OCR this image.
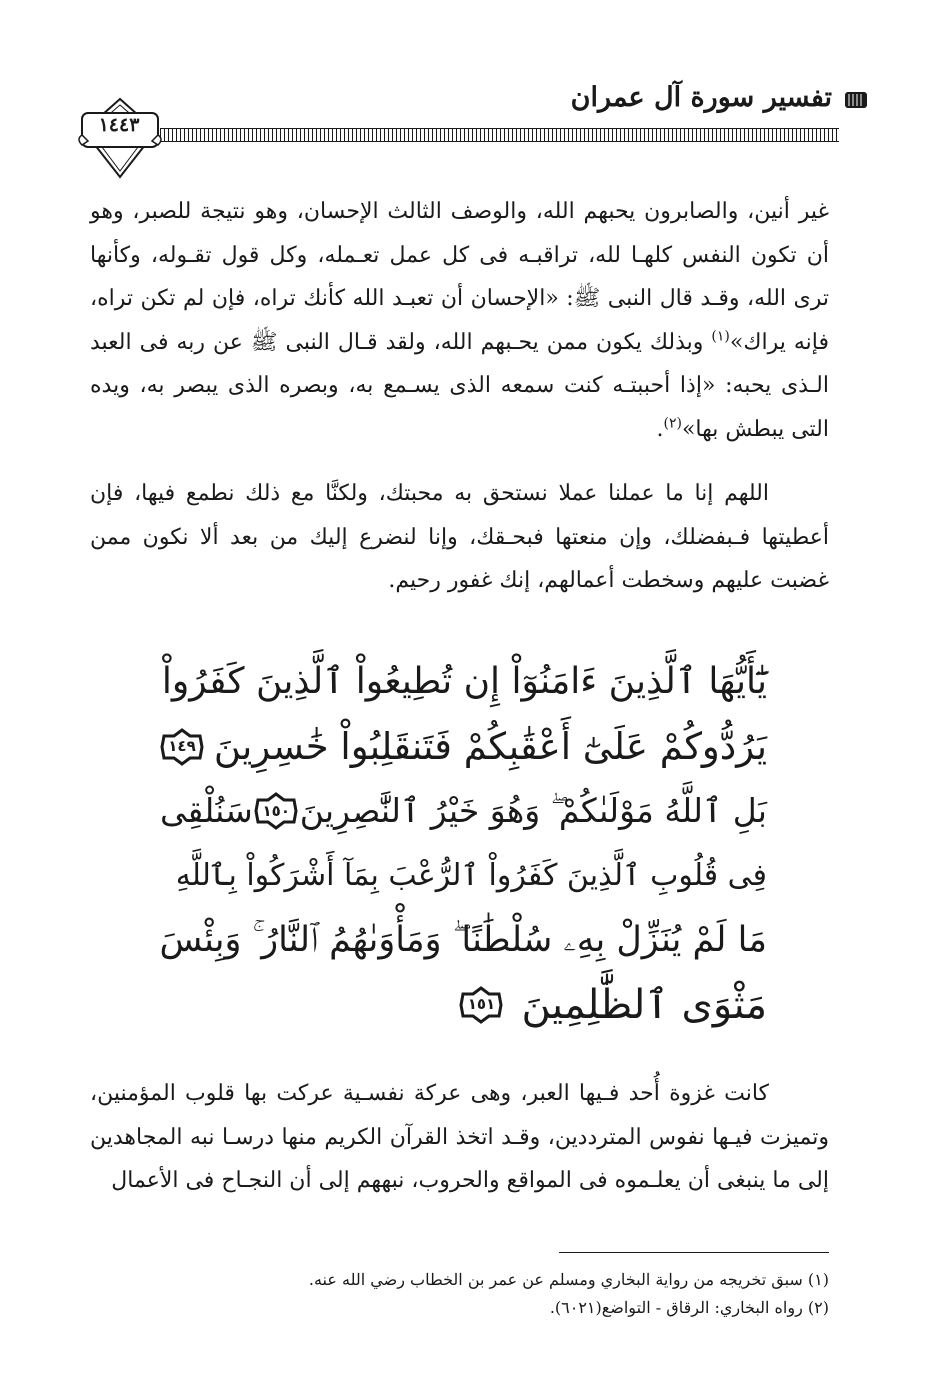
تفسير سورة آل عمران
١٤٤٣

غير أنين، والصابرون يحبهم الله، والوصف الثالث الإحسان، وهو نتيجة للصبر، وهو أن تكون النفس كلهـا لله، تراقبـه فى كل عمل تعـمله، وكل قول تقـوله، وكأنها ترى الله، وقـد قال النبى ﷺ: «الإحسان أن تعبـد الله كأنك تراه، فإن لم تكن تراه، فإنه يراك»$^{(١)}$ وبذلك يكون ممن يحـبهم الله، ولقد قـال النبى ﷺ عن ربه فى العبد الـذى يحبه: «إذا أحببتـه كنت سمعه الذى يسـمع به، وبصره الذى يبصر به، ويده التى يبطش بها»$^{(٢)}$.

اللهم إنا ما عملنا عملا نستحق به محبتك، ولكنَّا مع ذلك نطمع فيها، فإن أعطيتها فـبفضلك، وإن منعتها فبحـقك، وإنا لنضرع إليك من بعد ألا نكون ممن غضبت عليهم وسخطت أعمالهم، إنك غفور رحيم.

يَٰٓأَيُّهَا ٱلَّذِينَ ءَامَنُوٓاْ إِن تُطِيعُواْ ٱلَّذِينَ كَفَرُواْ
يَرُدُّوكُمْ عَلَىٰٓ أَعْقَٰبِكُمْ فَتَنقَلِبُواْ خَٰسِرِينَ
١٤٩
بَلِ ٱللَّهُ مَوْلَىٰكُمْ ۖ وَهُوَ خَيْرُ ٱلنَّٰصِرِينَ
١٥٠
سَنُلْقِى
فِى قُلُوبِ ٱلَّذِينَ كَفَرُواْ ٱلرُّعْبَ بِمَآ أَشْرَكُواْ بِٱللَّهِ
مَا لَمْ يُنَزِّلْ بِهِۦ سُلْطَٰنًا ۖ وَمَأْوَىٰهُمُ ٱلنَّارُ ۚ وَبِئْسَ
مَثْوَى ٱلظَّٰلِمِينَ
١٥١

كانت غزوة أُحد فـيها العبر، وهى عركة نفسـية عركت بها قلوب المؤمنين، وتميزت فيـها نفوس المترددين، وقـد اتخذ القرآن الكريم منها درسـا نبه المجاهدين إلى ما ينبغى أن يعلـموه فى المواقع والحروب، نبههم إلى أن النجـاح فى الأعمال

(١) سبق تخريجه من رواية البخاري ومسلم عن عمر بن الخطاب رضي الله عنه.
(٢) رواه البخاري: الرقاق - التواضع(٦٠٢١).
